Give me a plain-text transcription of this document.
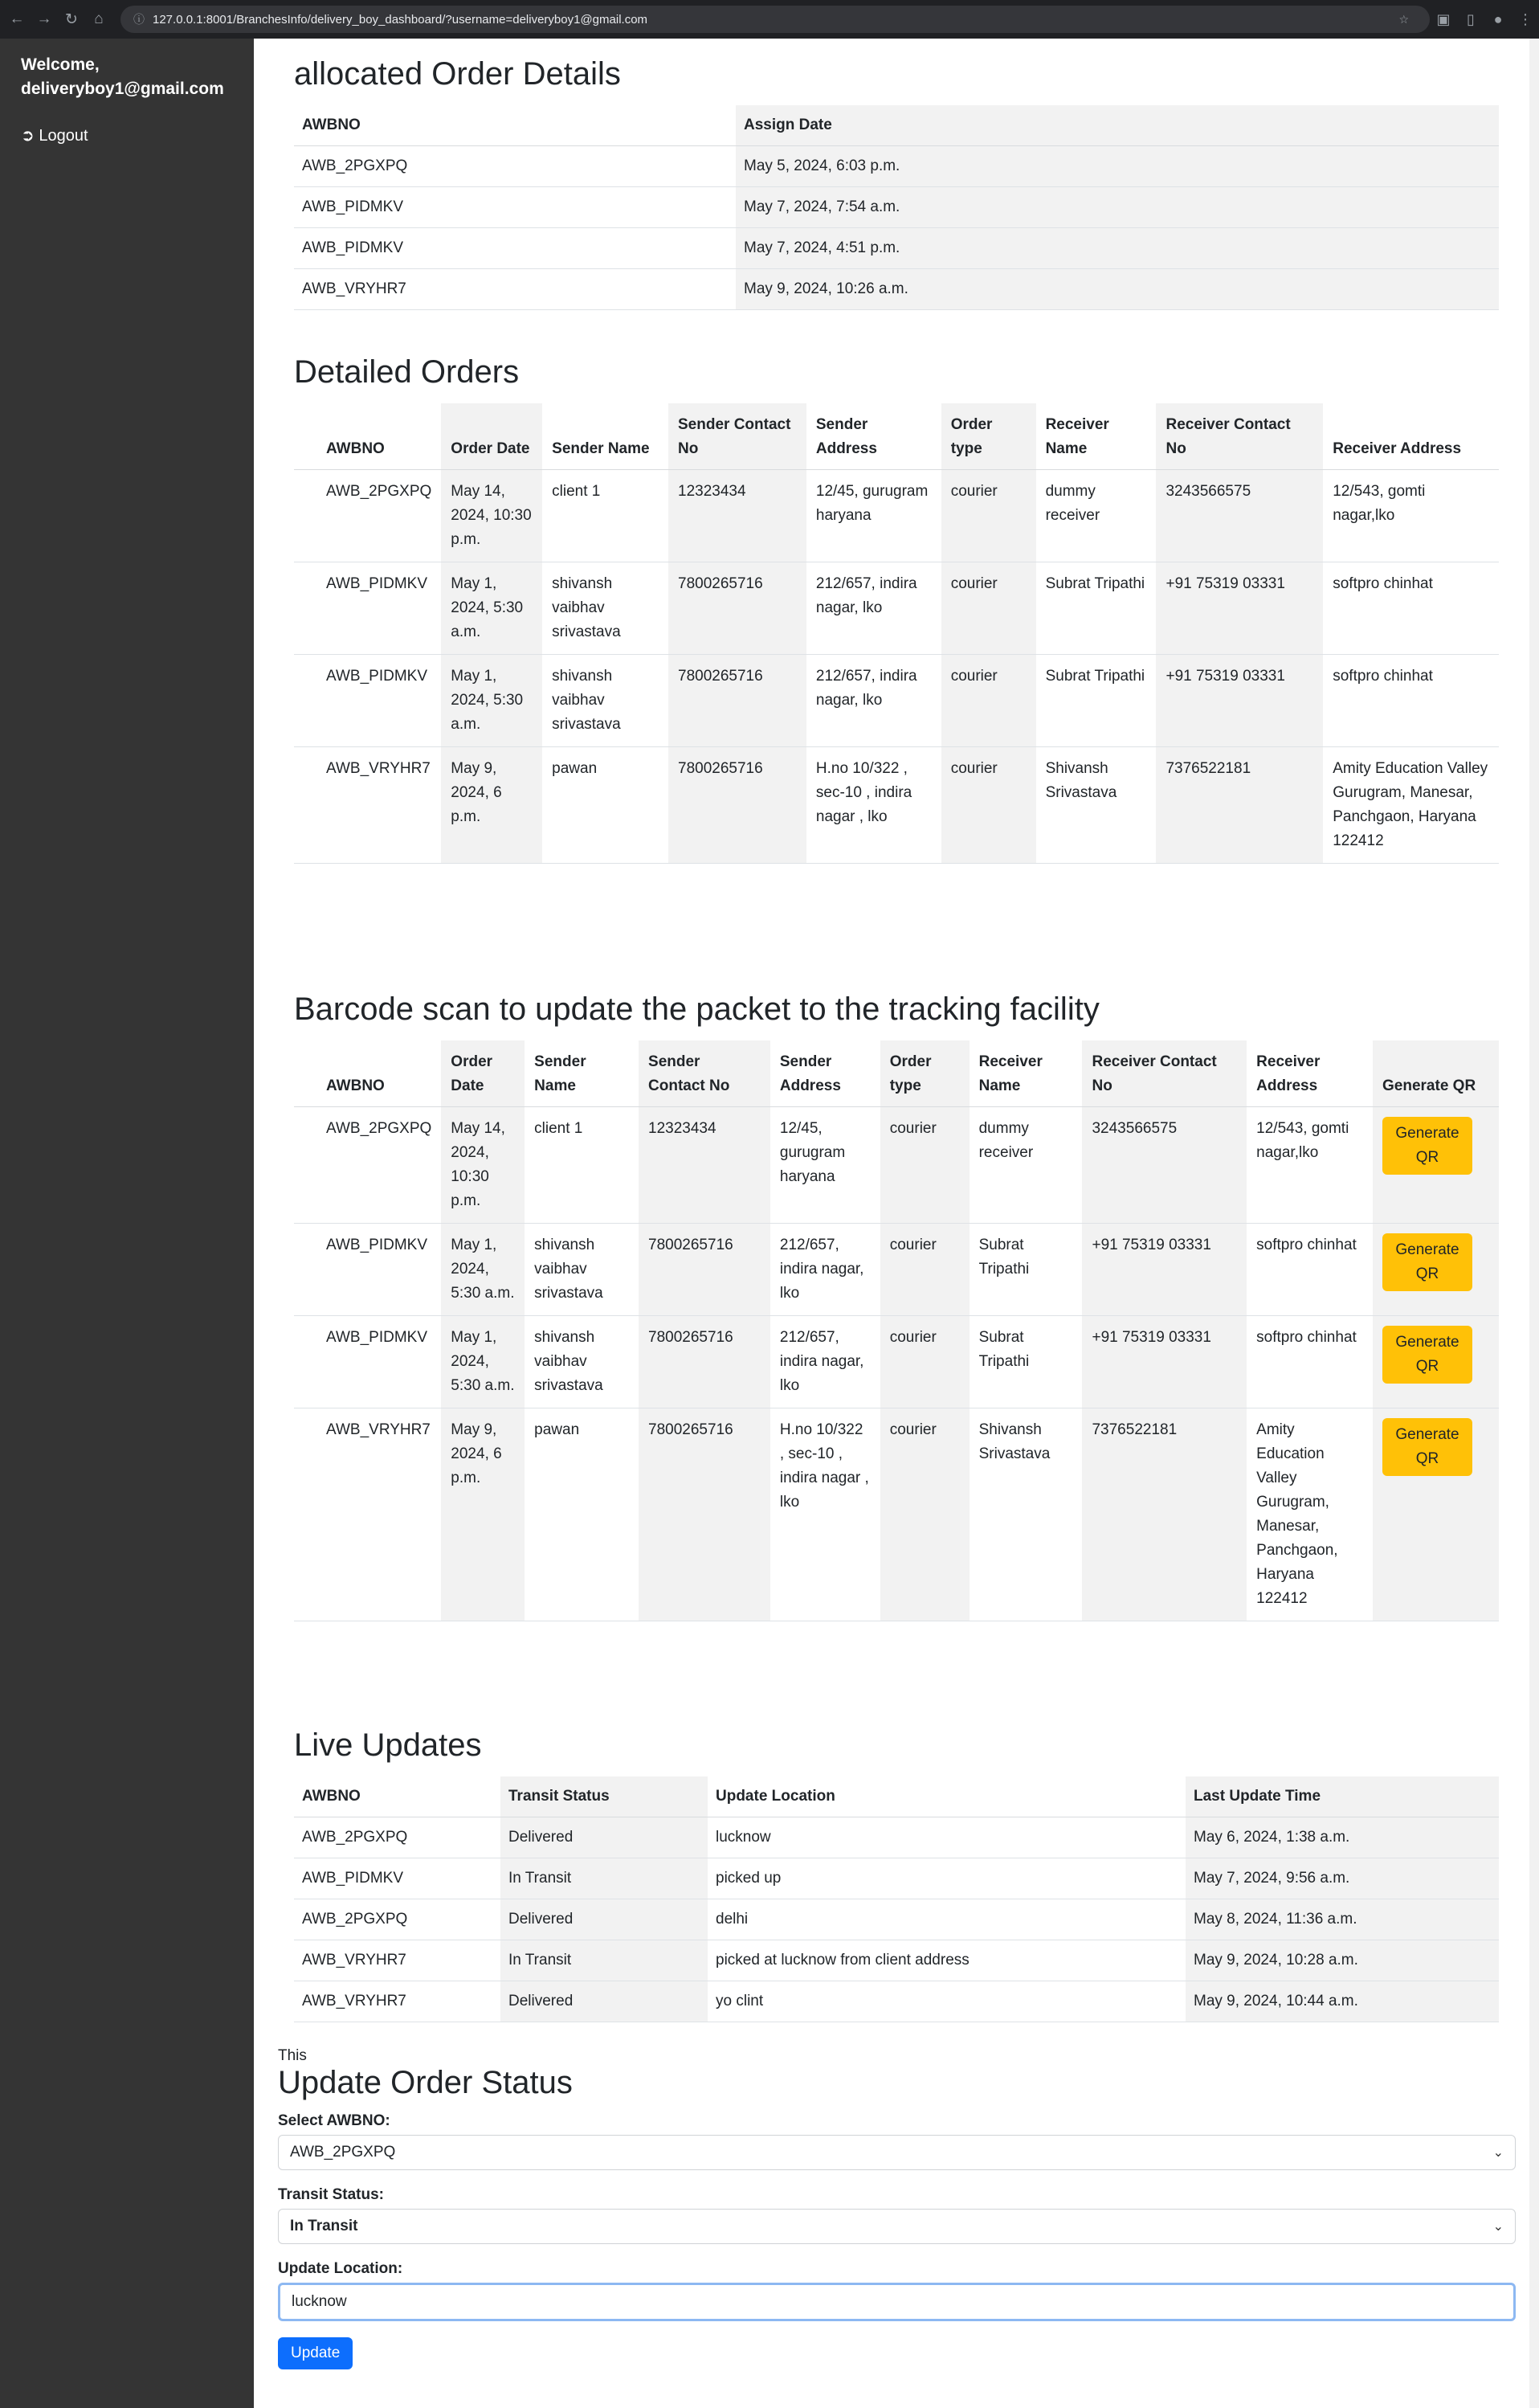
← → ↻	⌂	ⓘ 127.0.0.1:8001/BranchesInfo/delivery_boy_dashboard/?username=deliveryboy1@gmail.com	☆	▣	▯	●	⋮
Welcome, deliveryboy1@gmail.com
➲ Logout
allocated Order Details
AWBNO	Assign Date
AWB_2PGXPQ	May 5, 2024, 6:03 p.m.
AWB_PIDMKV	May 7, 2024, 7:54 a.m.
AWB_PIDMKV	May 7, 2024, 4:51 p.m.
AWB_VRYHR7	May 9, 2024, 10:26 a.m.
Detailed Orders
AWBNO	Order Date	Sender Name	Sender Contact No	Sender Address	Order type	Receiver Name	Receiver Contact No	Receiver Address
AWB_2PGXPQ	May 14, 2024, 10:30 p.m.	client 1	12323434	12/45, gurugram haryana	courier	dummy receiver	3243566575	12/543, gomti nagar,lko
AWB_PIDMKV	May 1, 2024, 5:30 a.m.	shivansh vaibhav srivastava	7800265716	212/657, indira nagar, lko	courier	Subrat Tripathi	+91 75319 03331	softpro chinhat
AWB_PIDMKV	May 1, 2024, 5:30 a.m.	shivansh vaibhav srivastava	7800265716	212/657, indira nagar, lko	courier	Subrat Tripathi	+91 75319 03331	softpro chinhat
AWB_VRYHR7	May 9, 2024, 6 p.m.	pawan	7800265716	H.no 10/322 , sec-10 , indira nagar , lko	courier	Shivansh Srivastava	7376522181	Amity Education Valley Gurugram, Manesar, Panchgaon, Haryana 122412
Barcode scan to update the packet to the tracking facility
AWBNO	Order Date	Sender Name	Sender Contact No	Sender Address	Order type	Receiver Name	Receiver Contact No	Receiver Address	Generate QR
AWB_2PGXPQ	May 14, 2024, 10:30 p.m.	client 1	12323434	12/45, gurugram haryana	courier	dummy receiver	3243566575	12/543, gomti nagar,lko	Generate QR
AWB_PIDMKV	May 1, 2024, 5:30 a.m.	shivansh vaibhav srivastava	7800265716	212/657, indira nagar, lko	courier	Subrat Tripathi	+91 75319 03331	softpro chinhat	Generate QR
AWB_PIDMKV	May 1, 2024, 5:30 a.m.	shivansh vaibhav srivastava	7800265716	212/657, indira nagar, lko	courier	Subrat Tripathi	+91 75319 03331	softpro chinhat	Generate QR
AWB_VRYHR7	May 9, 2024, 6 p.m.	pawan	7800265716	H.no 10/322 , sec-10 , indira nagar , lko	courier	Shivansh Srivastava	7376522181	Amity Education Valley Gurugram, Manesar, Panchgaon, Haryana 122412	Generate QR
Live Updates
AWBNO	Transit Status	Update Location	Last Update Time
AWB_2PGXPQ	Delivered	lucknow	May 6, 2024, 1:38 a.m.
AWB_PIDMKV	In Transit	picked up	May 7, 2024, 9:56 a.m.
AWB_2PGXPQ	Delivered	delhi	May 8, 2024, 11:36 a.m.
AWB_VRYHR7	In Transit	picked at lucknow from client address	May 9, 2024, 10:28 a.m.
AWB_VRYHR7	Delivered	yo clint	May 9, 2024, 10:44 a.m.
This
Update Order Status
Select AWBNO:
AWB_2PGXPQ	⌄
Transit Status:
In Transit	⌄
Update Location:
lucknow Update
